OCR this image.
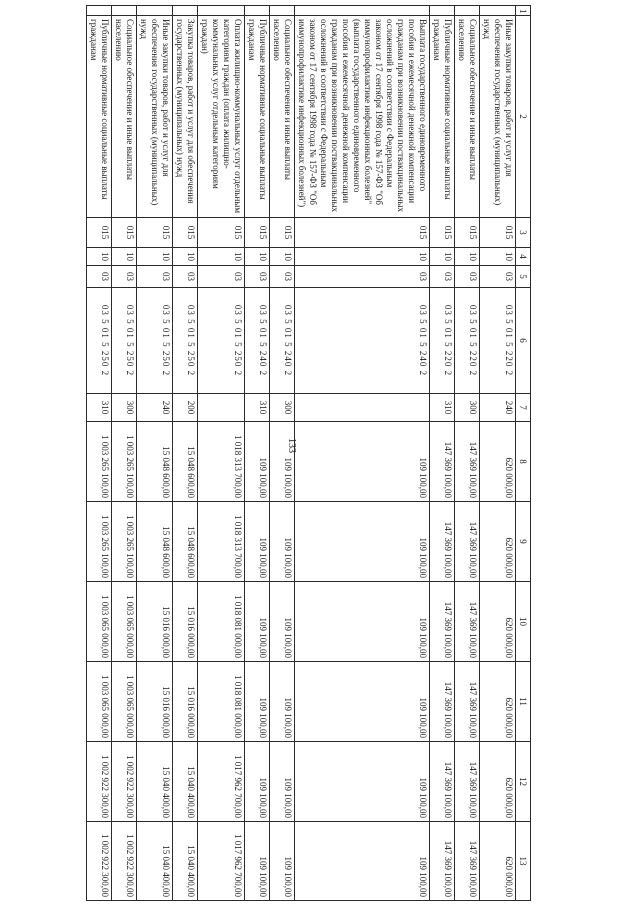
133
1	2	3	4	5	6	7	8	9	10	11	12	13
	Иные закупки товаров, работ и услуг для обеспечения государственных (муниципальных) нужд	015	10	03	03 5 01 5 220 2	240	620 000,00	620 000,00	620 000,00	620 000,00	620 000,00	620 000,00
	Социальное обеспечение и иные выплаты населению	015	10	03	03 5 01 5 220 2	300	147 369 100,00	147 369 100,00	147 369 100,00	147 369 100,00	147 369 100,00	147 369 100,00
	Публичные нормативные социальные выплаты гражданам	015	10	03	03 5 01 5 220 2	310	147 369 100,00	147 369 100,00	147 369 100,00	147 369 100,00	147 369 100,00	147 369 100,00
	Выплата государственного единовременного пособия и ежемесячной денежной компенсации гражданам при возникновении поствакцинальных осложнений в соответствии с Федеральным законом от 17 сентября 1998 года № 157-ФЗ "Об иммунопрофилактике инфекционных болезней" (выплата государственного единовременного пособия и ежемесячной денежной компенсации гражданам при возникновении поствакцинальных осложнений в соответствии с Федеральным законом от 17 сентября 1998 года № 157-ФЗ "Об иммунопрофилактике инфекционных болезней")	015	10	03	03 5 01 5 240 2		109 100,00	109 100,00	109 100,00	109 100,00	109 100,00	109 100,00
	Социальное обеспечение и иные выплаты населению	015	10	03	03 5 01 5 240 2	300	109 100,00	109 100,00	109 100,00	109 100,00	109 100,00	109 100,00
	Публичные нормативные социальные выплаты гражданам	015	10	03	03 5 01 5 240 2	310	109 100,00	109 100,00	109 100,00	109 100,00	109 100,00	109 100,00
	Оплата жилищно-коммунальных услуг отдельным категориям граждан (оплата жилищно-коммунальных услуг отдельным категориям граждан)	015	10	03	03 5 01 5 250 2		1 018 313 700,00	1 018 313 700,00	1 018 081 000,00	1 018 081 000,00	1 017 962 700,00	1 017 962 700,00
	Закупка товаров, работ и услуг для обеспечения государственных (муниципальных) нужд	015	10	03	03 5 01 5 250 2	200	15 048 600,00	15 048 600,00	15 016 000,00	15 016 000,00	15 040 400,00	15 040 400,00
	Иные закупки товаров, работ и услуг для обеспечения государственных (муниципальных) нужд	015	10	03	03 5 01 5 250 2	240	15 048 600,00	15 048 600,00	15 016 000,00	15 016 000,00	15 040 400,00	15 040 400,00
	Социальное обеспечение и иные выплаты населению	015	10	03	03 5 01 5 250 2	300	1 003 265 100,00	1 003 265 100,00	1 003 065 000,00	1 003 065 000,00	1 002 922 300,00	1 002 922 300,00
	Публичные нормативные социальные выплаты гражданам	015	10	03	03 5 01 5 250 2	310	1 003 265 100,00	1 003 265 100,00	1 003 065 000,00	1 003 065 000,00	1 002 922 300,00	1 002 922 300,00
